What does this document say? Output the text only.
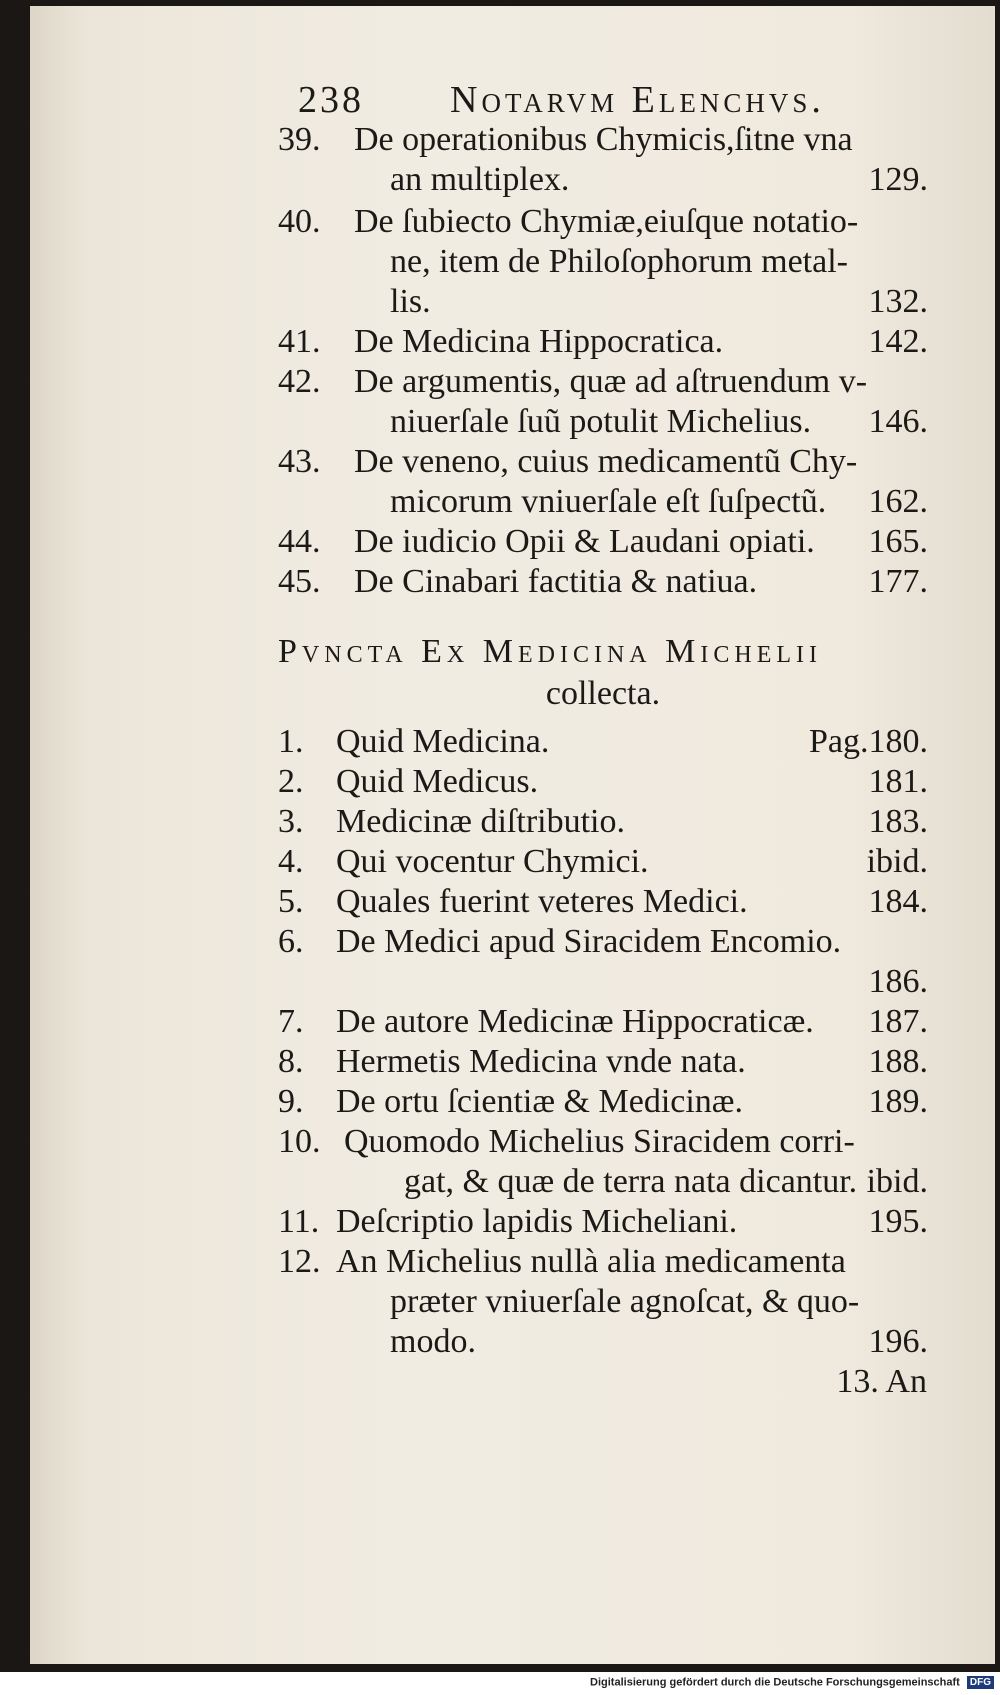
238 Notarvm Elenchvs.
39. De operationibus Chymicis,ſitne vna
an multiplex.	129.
40. De ſubiecto Chymiæ,eiuſque notatio-
ne, item de Philoſophorum metal-
lis.	132.
41. De Medicina Hippocratica.	142.
42. De argumentis, quæ ad aſtruendum v-
niuerſale ſuũ potulit Michelius. 146.
43. De veneno, cuius medicamentũ Chy-
micorum vniuerſale eſt ſuſpectũ. 162.
44. De iudicio Opii & Laudani opiati. 165.
45. De Cinabari factitia & natiua.	177.
Pvncta Ex Medicina Michelii
collecta.
1. Quid Medicina.	Pag.180.
2. Quid Medicus.	181.
3. Medicinæ diſtributio.	183.
4. Qui vocentur Chymici.	ibid.
5. Quales fuerint veteres Medici.	184.
6. De Medici apud Siracidem Encomio.
186.
7. De autore Medicinæ Hippocraticæ. 187.
8. Hermetis Medicina vnde nata.	188.
9. De ortu ſcientiæ & Medicinæ.	189.
10. Quomodo Michelius Siracidem corri-
gat, & quæ de terra nata dicantur. ibid.
11. Deſcriptio lapidis Micheliani.	195.
12. An Michelius nullà alia medicamenta
præter vniuerſale agnoſcat, & quo-
modo.	196.
13. An
Digitalisierung gefördert durch die Deutsche Forschungsgemeinschaft DFG
